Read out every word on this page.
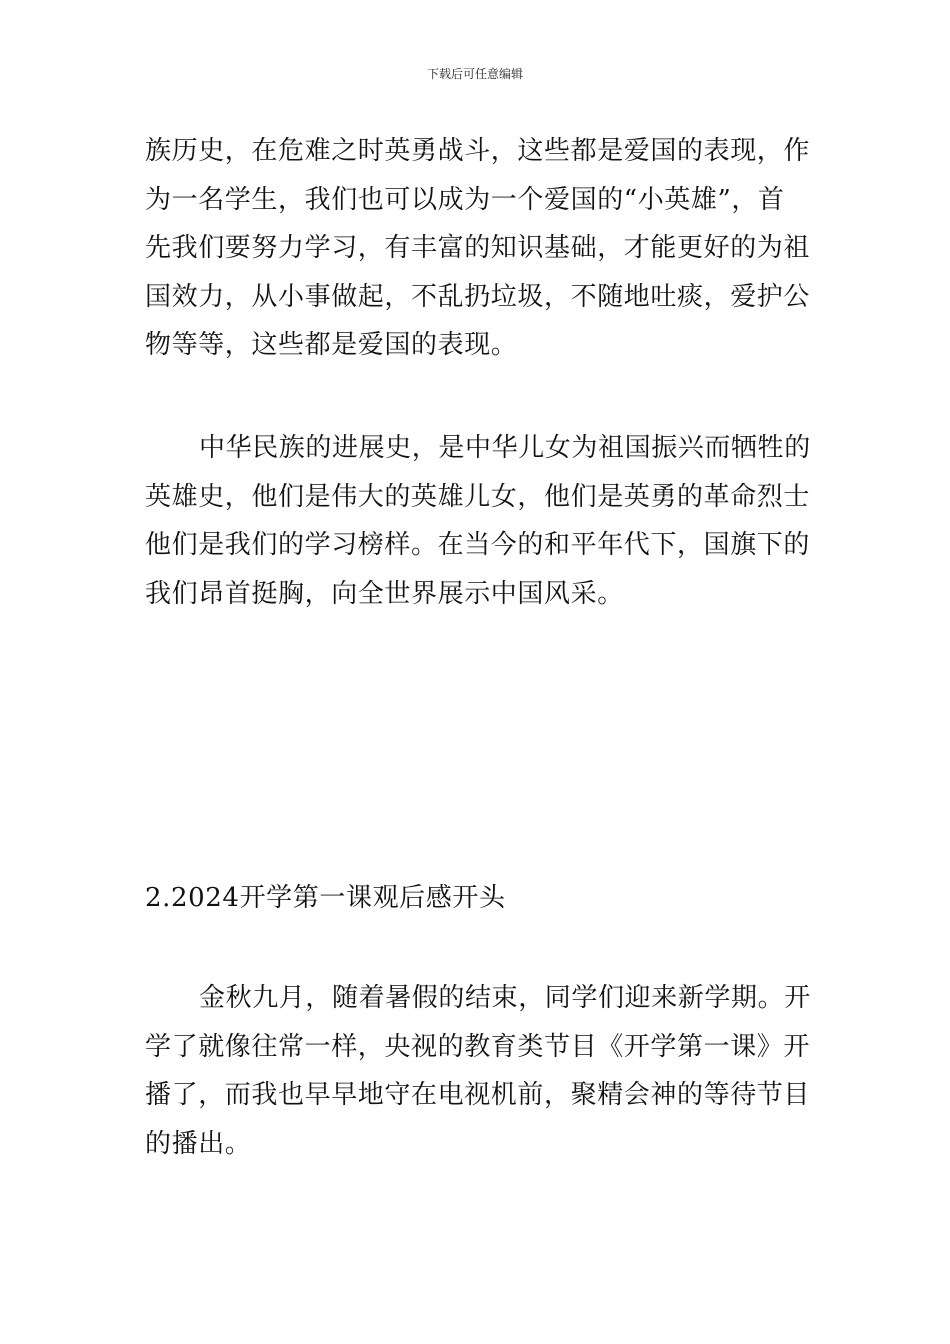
下载后可任意编辑

族历史，在危难之时英勇战斗，这些都是爱国的表现，作
为一名学生，我们也可以成为一个爱国的“小英雄”，首
先我们要努力学习，有丰富的知识基础，才能更好的为祖
国效力，从小事做起，不乱扔垃圾，不随地吐痰，爱护公
物等等，这些都是爱国的表现。

中华民族的进展史，是中华儿女为祖国振兴而牺牲的
英雄史，他们是伟大的英雄儿女，他们是英勇的革命烈士
他们是我们的学习榜样。在当今的和平年代下，国旗下的
我们昂首挺胸，向全世界展示中国风采。

2.2024开学第一课观后感开头

金秋九月，随着暑假的结束，同学们迎来新学期。开
学了就像往常一样，央视的教育类节目《开学第一课》开
播了，而我也早早地守在电视机前，聚精会神的等待节目
的播出。
